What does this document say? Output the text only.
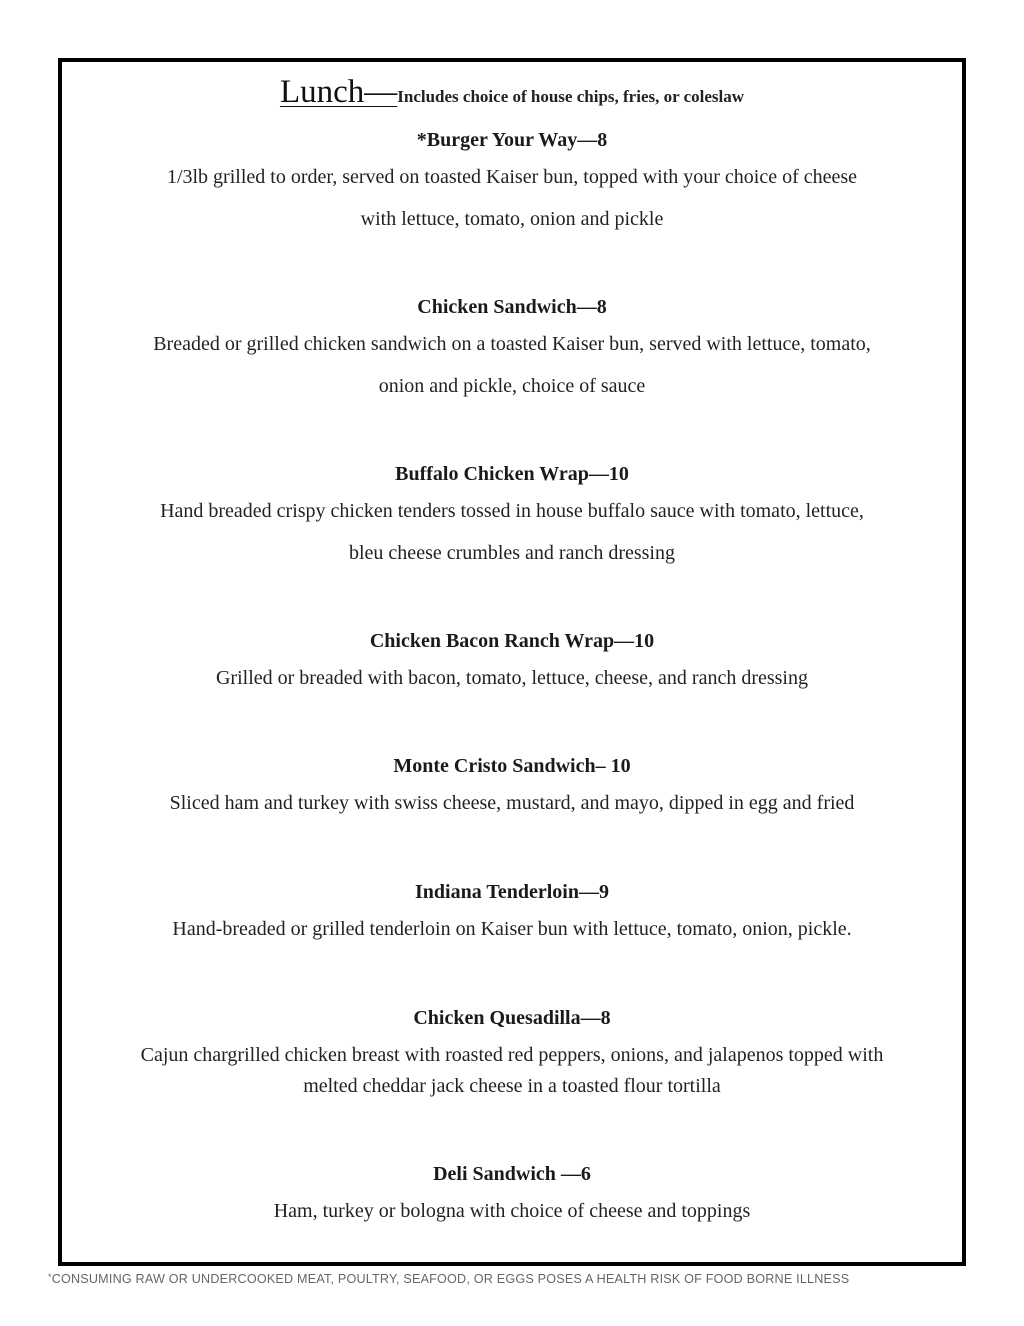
Lunch—Includes choice of house chips, fries, or coleslaw
*Burger Your Way—8
1/3lb grilled to order, served on toasted Kaiser bun, topped with your choice of cheese
with lettuce, tomato, onion and pickle
Chicken Sandwich—8
Breaded or grilled chicken sandwich on a toasted Kaiser bun, served with lettuce, tomato,
onion and pickle, choice of sauce
Buffalo Chicken Wrap—10
Hand breaded crispy chicken tenders tossed in house buffalo sauce with tomato, lettuce,
bleu cheese crumbles and ranch dressing
Chicken Bacon Ranch Wrap—10
Grilled or breaded with bacon, tomato, lettuce, cheese, and ranch dressing
Monte Cristo Sandwich– 10
Sliced ham and turkey with swiss cheese, mustard, and mayo, dipped in egg and fried
Indiana Tenderloin—9
Hand-breaded or grilled tenderloin on Kaiser bun with lettuce, tomato, onion, pickle.
Chicken Quesadilla—8
Cajun chargrilled chicken breast with roasted red peppers, onions, and jalapenos topped with
melted cheddar jack cheese in a toasted flour tortilla
Deli Sandwich —6
Ham, turkey or bologna with choice of cheese and toppings
*CONSUMING RAW OR UNDERCOOKED MEAT, POULTRY, SEAFOOD, OR EGGS POSES A HEALTH RISK OF FOOD BORNE ILLNESS
